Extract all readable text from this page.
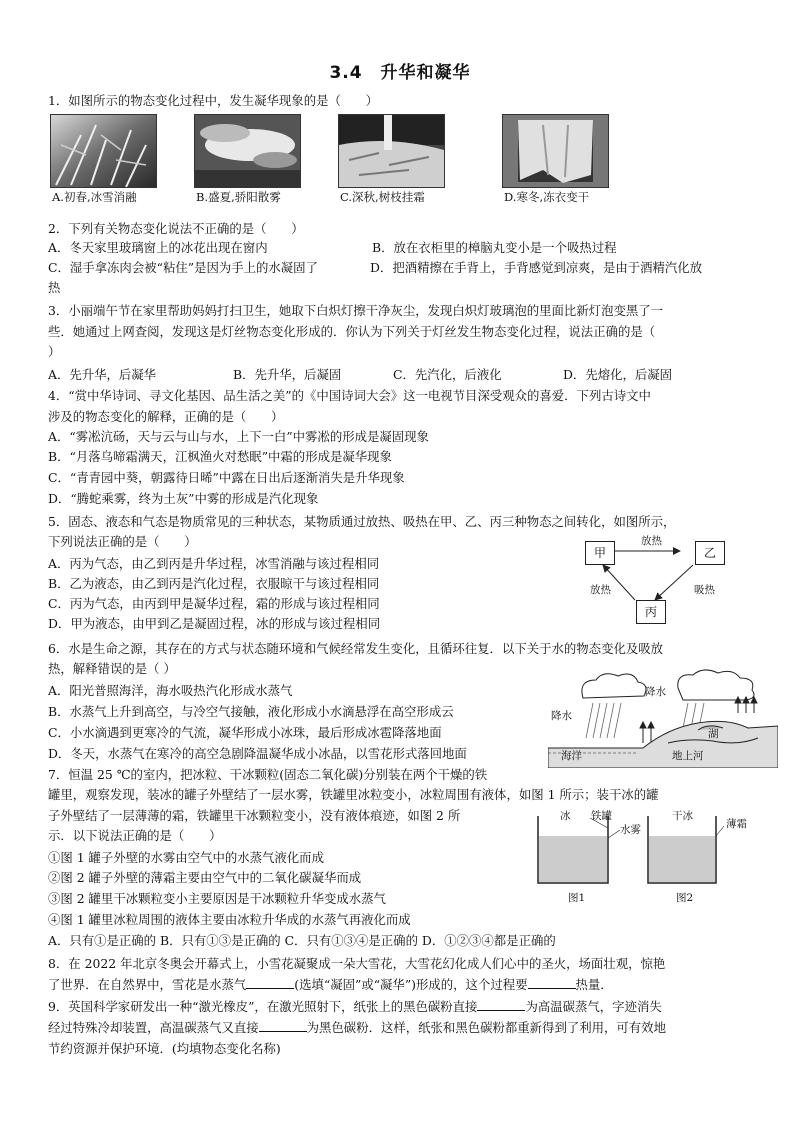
3.4　升华和凝华
1．如图所示的物态变化过程中，发生凝华现象的是（　　）
A.初春,冰雪消融	B.盛夏,骄阳散雾	C.深秋,树枝挂霜	D.寒冬,冻衣变干
2．下列有关物态变化说法不正确的是（　　）
A．冬天家里玻璃窗上的冰花出现在窗内	B．放在衣柜里的樟脑丸变小是一个吸热过程
C．湿手拿冻肉会被“粘住”是因为手上的水凝固了	D．把酒精擦在手背上，手背感觉到凉爽，是由于酒精汽化放
热
3．小丽端午节在家里帮助妈妈打扫卫生，她取下白炽灯擦干净灰尘，发现白炽灯玻璃泡的里面比新灯泡变黑了一
些．她通过上网查阅，发现这是灯丝物态变化形成的．你认为下列关于灯丝发生物态变化过程，说法正确的是（
）
A．先升华，后凝华	B．先升华，后凝固	C．先汽化，后液化	D．先熔化，后凝固
4．“赏中华诗词、寻文化基因、品生活之美”的《中国诗词大会》这一电视节目深受观众的喜爱．下列古诗文中
涉及的物态变化的解释，正确的是（　　）
A．“雾凇沆砀，天与云与山与水，上下一白”中雾凇的形成是凝固现象
B．“月落乌啼霜满天，江枫渔火对愁眠”中霜的形成是凝华现象
C．“青青园中葵，朝露待日晞”中露在日出后逐渐消失是升华现象
D．“腾蛇乘雾，终为土灰”中雾的形成是汽化现象
5．固态、液态和气态是物质常见的三种状态，某物质通过放热、吸热在甲、乙、丙三种物态之间转化，如图所示，
下列说法正确的是（　　）
A．丙为气态，由乙到丙是升华过程，冰雪消融与该过程相同
B．乙为液态，由乙到丙是汽化过程，衣服晾干与该过程相同
C．丙为气态，由丙到甲是凝华过程，霜的形成与该过程相同
D．甲为液态，由甲到乙是凝固过程，冰的形成与该过程相同
甲	乙
丙
放热
放热	吸热
6．水是生命之源，其存在的方式与状态随环境和气候经常发生变化，且循环往复．以下关于水的物态变化及吸放
热，解释错误的是（ ）
A．阳光普照海洋，海水吸热汽化形成水蒸气
B．水蒸气上升到高空，与冷空气接触，液化形成小水滴悬浮在高空形成云
C．小水滴遇到更寒冷的气流，凝华形成小冰珠，最后形成冰雹降落地面
D．冬天，水蒸气在寒冷的高空急剧降温凝华成小冰晶，以雪花形式落回地面
降水
降水
海洋
湖
地上河
7．恒温 25 ℃的室内，把冰粒、干冰颗粒(固态二氧化碳)分别装在两个干燥的铁
罐里，观察发现，装冰的罐子外壁结了一层水雾，铁罐里冰粒变小，冰粒周围有液体，如图 1 所示；装干冰的罐
子外壁结了一层薄薄的霜，铁罐里干冰颗粒变小，没有液体痕迹，如图 2 所
示．以下说法正确的是（　　）
①图 1 罐子外壁的水雾由空气中的水蒸气液化而成
②图 2 罐子外壁的薄霜主要由空气中的二氧化碳凝华而成
③图 2 罐里干冰颗粒变小主要原因是干冰颗粒升华变成水蒸气
④图 1 罐里冰粒周围的液体主要由冰粒升华成的水蒸气再液化而成
A．只有①是正确的 B．只有①③是正确的 C．只有①③④是正确的 D．①②③④都是正确的
冰 铁罐
水雾
干冰
薄霜
图1	图2
8．在 2022 年北京冬奥会开幕式上，小雪花凝聚成一朵大雪花，大雪花幻化成人们心中的圣火，场面壮观，惊艳
了世界．在自然界中，雪花是水蒸气	(选填“凝固”或“凝华”)形成的，这个过程要	热量．
9．英国科学家研发出一种“激光橡皮”，在激光照射下，纸张上的黑色碳粉直接	为高温碳蒸气，字迹消失
经过特殊冷却装置，高温碳蒸气又直接	为黑色碳粉．这样，纸张和黑色碳粉都重新得到了利用，可有效地
节约资源并保护环境．(均填物态变化名称)
